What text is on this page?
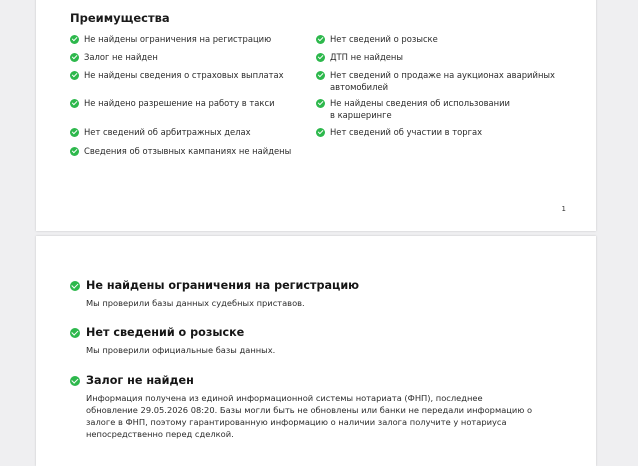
Преимущества
Не найдены ограничения на регистрацию
Залог не найден
Не найдены сведения о страховых выплатах
Не найдено разрешение на работу в такси
Нет сведений об арбитражных делах
Сведения об отзывных кампаниях не найдены
Нет сведений о розыске
ДТП не найдены
Нет сведений о продаже на аукционах аварийных
автомобилей
Не найдены сведения об использовании
в каршеринге
Нет сведений об участии в торгах
1
Не найдены ограничения на регистрацию
Мы проверили базы данных судебных приставов.
Нет сведений о розыске
Мы проверили официальные базы данных.
Залог не найден
Информация получена из единой информационной системы нотариата (ФНП), последнее
обновление 29.05.2026 08:20. Базы могли быть не обновлены или банки не передали информацию о
залоге в ФНП, поэтому гарантированную информацию о наличии залога получите у нотариуса
непосредственно перед сделкой.
